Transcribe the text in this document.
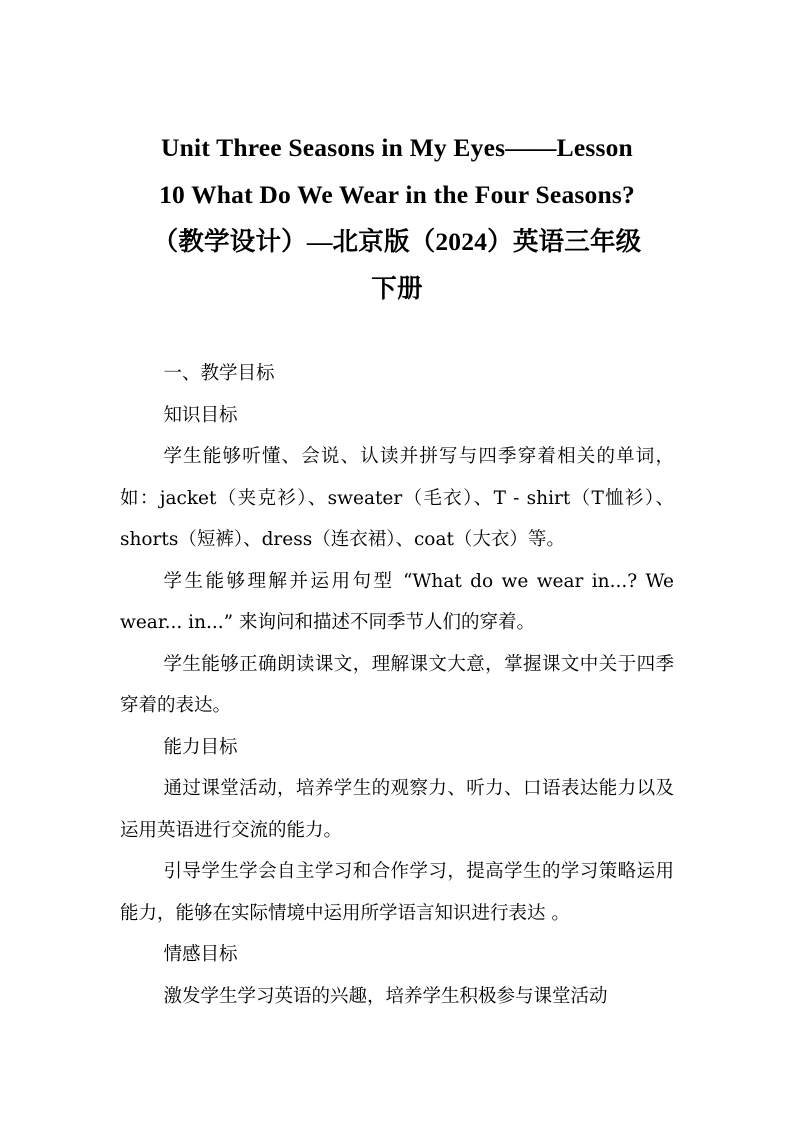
Unit Three Seasons in My Eyes——Lesson
10 What Do We Wear in the Four Seasons?
（教学设计）—北京版（2024）英语三年级
下册

一、教学目标

知识目标

学生能够听懂、会说、认读并拼写与四季穿着相关的单词，如：jacket（夹克衫）、sweater（毛衣）、T - shirt（T恤衫）、shorts（短裤）、dress（连衣裙）、coat（大衣）等。

学生能够理解并运用句型 “What do we wear in...? We wear... in...” 来询问和描述不同季节人们的穿着。

学生能够正确朗读课文，理解课文大意，掌握课文中关于四季穿着的表达。

能力目标

通过课堂活动，培养学生的观察力、听力、口语表达能力以及运用英语进行交流的能力。

引导学生学会自主学习和合作学习，提高学生的学习策略运用能力，能够在实际情境中运用所学语言知识进行表达 。

情感目标

激发学生学习英语的兴趣，培养学生积极参与课堂活动
